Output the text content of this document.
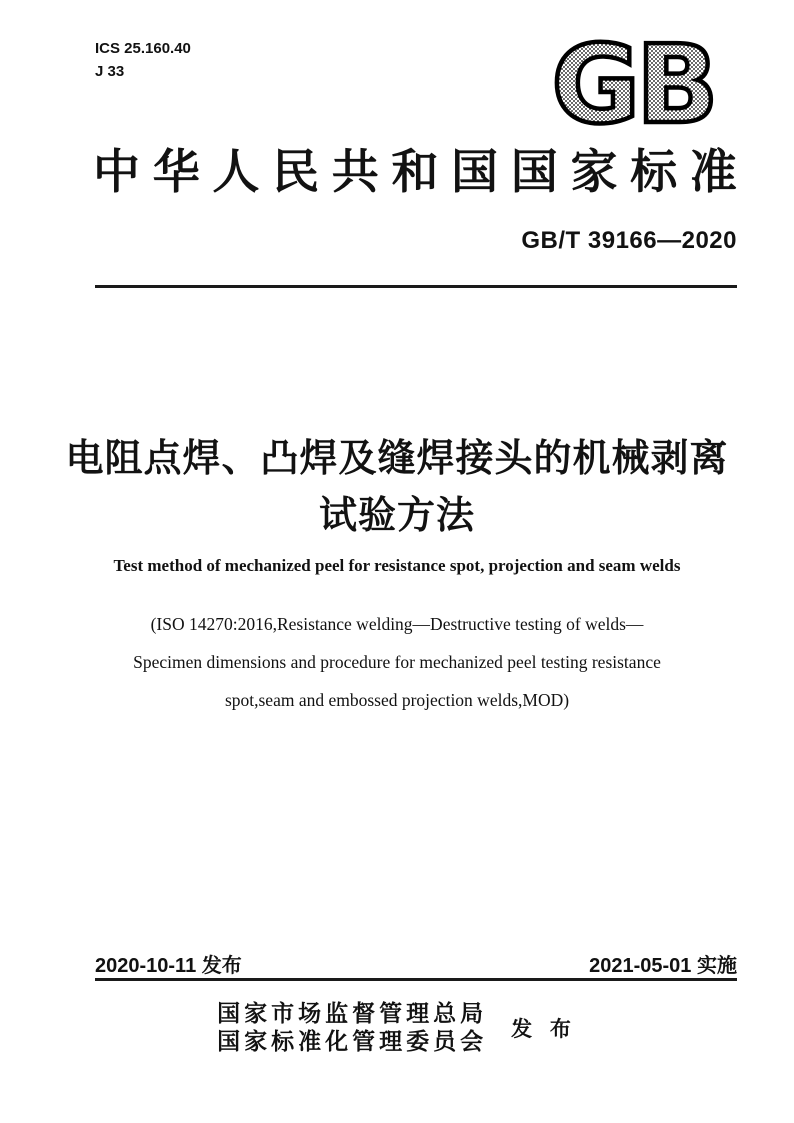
ICS 25.160.40
J 33	GB
中 华 人 民 共 和 国 国 家 标 准
GB/T 39166—2020
电阻点焊、凸焊及缝焊接头的机械剥离
试验方法
Test method of mechanized peel for resistance spot, projection and seam welds
(ISO 14270:2016,Resistance welding—Destructive testing of welds—
Specimen dimensions and procedure for mechanized peel testing resistance
spot,seam and embossed projection welds,MOD)
2020-10-11 发布	2021-05-01 实施
国家市场监督管理总局
国家标准化管理委员会 发 布
